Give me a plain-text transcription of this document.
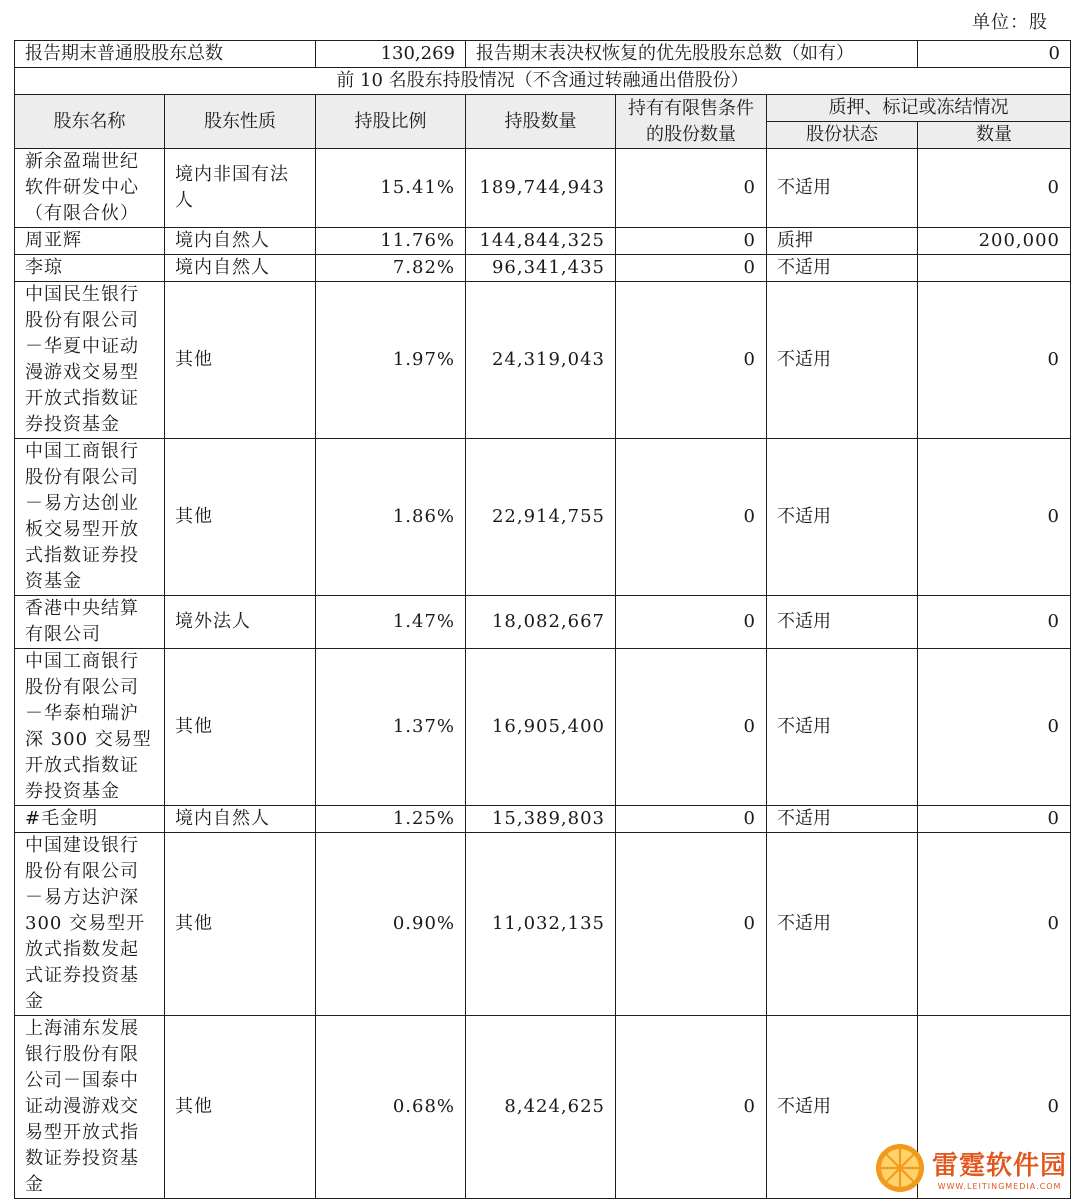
单位：股
报告期末普通股股东总数		130,269	报告期末表决权恢复的优先股股东总数（如有）			0
前 10 名股东持股情况（不含通过转融通出借股份）						
股东名称	股东性质	持股比例	持股数量	持有有限售条件的股份数量	质押、标记或冻结情况	
					股份状态	数量
新余盈瑞世纪软件研发中心（有限合伙）	境内非国有法人	15.41%	189,744,943	0	不适用	0
周亚辉	境内自然人	11.76%	144,844,325	0	质押	200,000
李琼	境内自然人	7.82%	96,341,435	0	不适用	
中国民生银行股份有限公司－华夏中证动漫游戏交易型开放式指数证券投资基金	其他	1.97%	24,319,043	0	不适用	0
中国工商银行股份有限公司－易方达创业板交易型开放式指数证券投资基金	其他	1.86%	22,914,755	0	不适用	0
香港中央结算有限公司	境外法人	1.47%	18,082,667	0	不适用	0
中国工商银行股份有限公司－华泰柏瑞沪深 300 交易型开放式指数证券投资基金	其他	1.37%	16,905,400	0	不适用	0
#毛金明	境内自然人	1.25%	15,389,803	0	不适用	0
中国建设银行股份有限公司－易方达沪深 300 交易型开放式指数发起式证券投资基金	其他	0.90%	11,032,135	0	不适用	0
上海浦东发展银行股份有限公司－国泰中证动漫游戏交易型开放式指数证券投资基金	其他	0.68%	8,424,625	0	不适用	0
雷霆软件园
WWW.LEITINGMEDIA.COM
